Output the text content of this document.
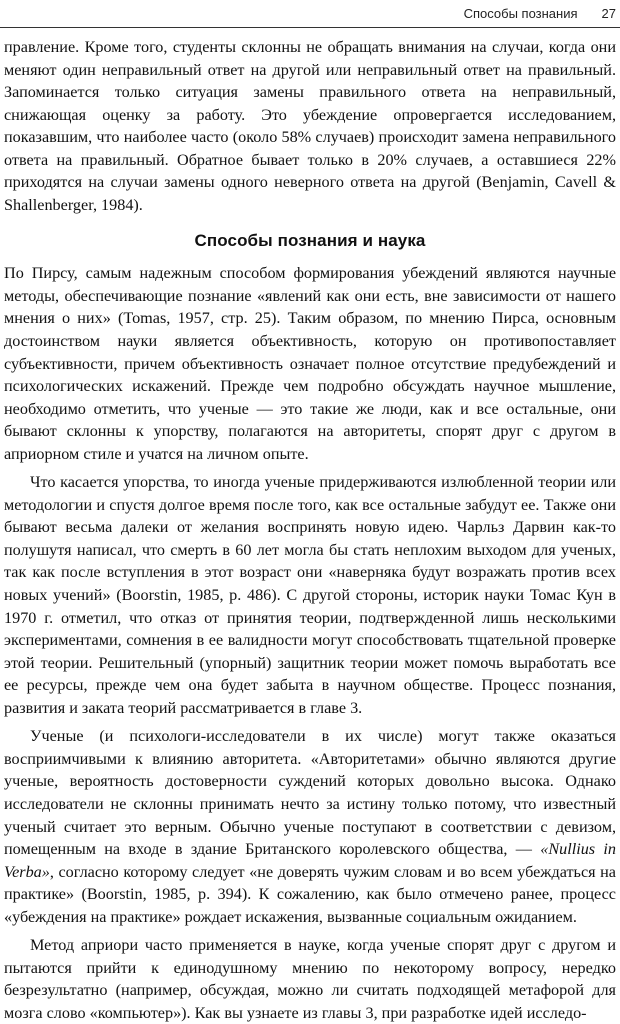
Способы познания 27

правление. Кроме того, студенты склонны не обращать внимания на случаи, когда они меняют один неправильный ответ на другой или неправильный ответ на правильный. Запоминается только ситуация замены правильного ответа на неправильный, снижающая оценку за работу. Это убеждение опровергается исследованием, показавшим, что наиболее часто (около 58% случаев) происходит замена неправильного ответа на правильный. Обратное бывает только в 20% случаев, а оставшиеся 22% приходятся на случаи замены одного неверного ответа на другой (Benjamin, Cavell & Shallenberger, 1984).

Способы познания и наука

По Пирсу, самым надежным способом формирования убеждений являются научные методы, обеспечивающие познание «явлений как они есть, вне зависимости от нашего мнения о них» (Tomas, 1957, стр. 25). Таким образом, по мнению Пирса, основным достоинством науки является объективность, которую он противопоставляет субъективности, причем объективность означает полное отсутствие предубеждений и психологических искажений. Прежде чем подробно обсуждать научное мышление, необходимо отметить, что ученые — это такие же люди, как и все остальные, они бывают склонны к упорству, полагаются на авторитеты, спорят друг с другом в априорном стиле и учатся на личном опыте.

Что касается упорства, то иногда ученые придерживаются излюбленной теории или методологии и спустя долгое время после того, как все остальные забудут ее. Также они бывают весьма далеки от желания воспринять новую идею. Чарльз Дарвин как-то полушутя написал, что смерть в 60 лет могла бы стать неплохим выходом для ученых, так как после вступления в этот возраст они «наверняка будут возражать против всех новых учений» (Boorstin, 1985, p. 486). С другой стороны, историк науки Томас Кун в 1970 г. отметил, что отказ от принятия теории, подтвержденной лишь несколькими экспериментами, сомнения в ее валидности могут способствовать тщательной проверке этой теории. Решительный (упорный) защитник теории может помочь выработать все ее ресурсы, прежде чем она будет забыта в научном обществе. Процесс познания, развития и заката теорий рассматривается в главе 3.

Ученые (и психологи-исследователи в их числе) могут также оказаться восприимчивыми к влиянию авторитета. «Авторитетами» обычно являются другие ученые, вероятность достоверности суждений которых довольно высока. Однако исследователи не склонны принимать нечто за истину только потому, что известный ученый считает это верным. Обычно ученые поступают в соответствии с девизом, помещенным на входе в здание Британского королевского общества, — «Nullius in Verba», согласно которому следует «не доверять чужим словам и во всем убеждаться на практике» (Boorstin, 1985, p. 394). К сожалению, как было отмечено ранее, процесс «убеждения на практике» рождает искажения, вызванные социальным ожиданием.

Метод априори часто применяется в науке, когда ученые спорят друг с другом и пытаются прийти к единодушному мнению по некоторому вопросу, нередко безрезультатно (например, обсуждая, можно ли считать подходящей метафорой для мозга слово «компьютер»). Как вы узнаете из главы 3, при разработке идей исследо-
